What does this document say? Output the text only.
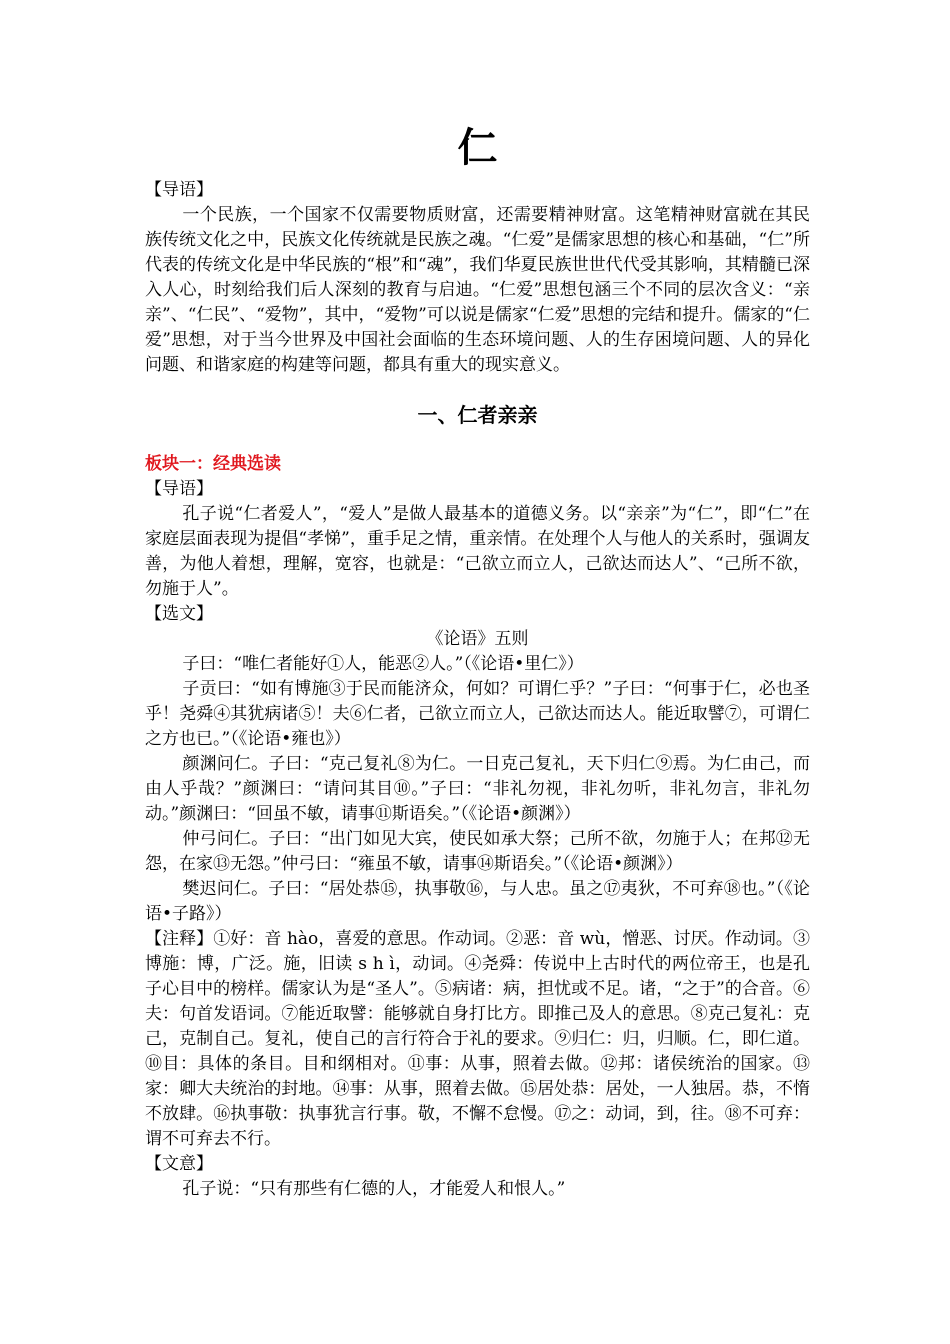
仁

【导语】

一个民族，一个国家不仅需要物质财富，还需要精神财富。这笔精神财富就在其民族传统文化之中，民族文化传统就是民族之魂。“仁爱”是儒家思想的核心和基础，“仁”所代表的传统文化是中华民族的“根”和“魂”，我们华夏民族世世代代受其影响，其精髓已深入人心，时刻给我们后人深刻的教育与启迪。“仁爱”思想包涵三个不同的层次含义：“亲亲”、“仁民”、“爱物”，其中，“爱物”可以说是儒家“仁爱”思想的完结和提升。儒家的“仁爱”思想，对于当今世界及中国社会面临的生态环境问题、人的生存困境问题、人的异化问题、和谐家庭的构建等问题，都具有重大的现实意义。

一、仁者亲亲

板块一：经典选读

【导语】

孔子说“仁者爱人”，“爱人”是做人最基本的道德义务。以“亲亲”为“仁”，即“仁”在家庭层面表现为提倡“孝悌”，重手足之情，重亲情。在处理个人与他人的关系时，强调友善，为他人着想，理解，宽容，也就是：“己欲立而立人，己欲达而达人”、“己所不欲，勿施于人”。

【选文】

《论语》五则

子曰：“唯仁者能好①人，能恶②人。”（《论语•里仁》）

子贡曰：“如有博施③于民而能济众，何如？可谓仁乎？”子曰：“何事于仁，必也圣乎！尧舜④其犹病诸⑤！夫⑥仁者，己欲立而立人，己欲达而达人。能近取譬⑦，可谓仁之方也已。”（《论语•雍也》）

颜渊问仁。子曰：“克己复礼⑧为仁。一日克己复礼，天下归仁⑨焉。为仁由己，而由人乎哉？”颜渊曰：“请问其目⑩。”子曰：“非礼勿视，非礼勿听，非礼勿言，非礼勿动。”颜渊曰：“回虽不敏，请事⑪斯语矣。”（《论语•颜渊》）

仲弓问仁。子曰：“出门如见大宾，使民如承大祭；己所不欲，勿施于人；在邦⑫无怨，在家⑬无怨。”仲弓曰：“雍虽不敏，请事⑭斯语矣。”（《论语•颜渊》）

樊迟问仁。子曰：“居处恭⑮，执事敬⑯，与人忠。虽之⑰夷狄，不可弃⑱也。”（《论语•子路》）

【注释】①好：音 hào，喜爱的意思。作动词。②恶：音 wù，憎恶、讨厌。作动词。③博施：博，广泛。施，旧读 s h ì，动词。④尧舜：传说中上古时代的两位帝王，也是孔子心目中的榜样。儒家认为是“圣人”。⑤病诸：病，担忧或不足。诸，“之于”的合音。⑥夫：句首发语词。⑦能近取譬：能够就自身打比方。即推己及人的意思。⑧克己复礼：克己，克制自己。复礼，使自己的言行符合于礼的要求。⑨归仁：归，归顺。仁，即仁道。⑩目：具体的条目。目和纲相对。⑪事：从事，照着去做。⑫邦：诸侯统治的国家。⑬家：卿大夫统治的封地。⑭事：从事，照着去做。⑮居处恭：居处，一人独居。恭，不惰不放肆。⑯执事敬：执事犹言行事。敬，不懈不怠慢。⑰之：动词，到，往。⑱不可弃：谓不可弃去不行。

【文意】

孔子说：“只有那些有仁德的人，才能爱人和恨人。”
